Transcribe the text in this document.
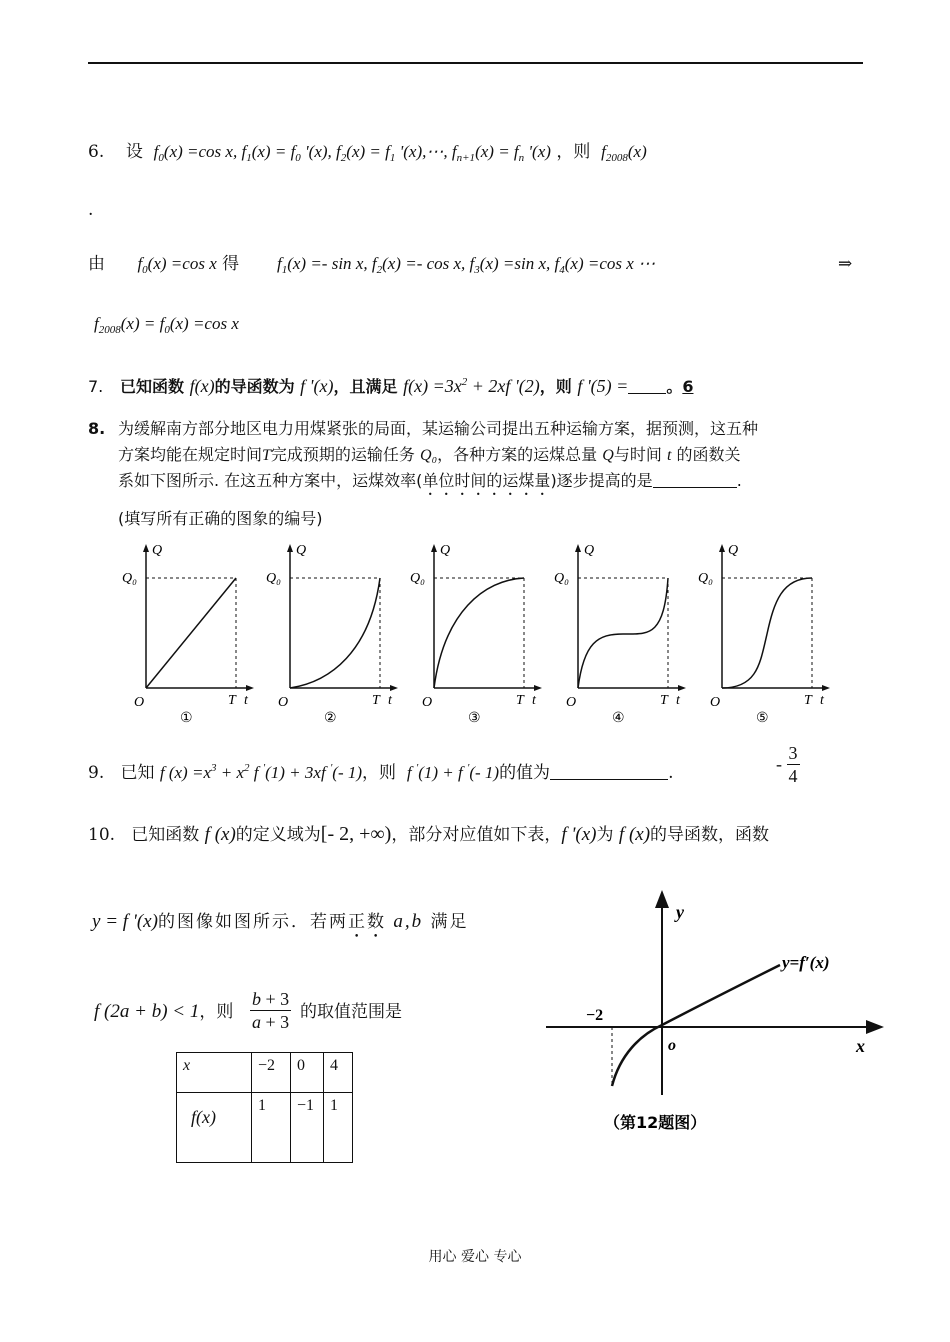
6. 设 $f_0(x) =\cos$ x, $f_1(x) = f_0$ '(x), $f_2(x) = f_1$ '(x),⋯, $f_{n+1}(x) = f_n$ '(x) ，则 $f_{2008}(x)$
.
由 $f_0(x) =\cos$ x 得 $f_1(x) =- \sin x$, $f_2(x) =- \cos x$, $f_3(x) =\sin$ x, $f_4(x) =\cos$ x ⋯	⇒
$f_{2008}(x) = f_0(x) =\cos$ x
7. 已知函数 f(x)的导函数为 f '(x)，且满足 $f(x) =3x^2 + 2xf$ '(2)，则 f '(5) = 。6
8. 为缓解南方部分地区电力用煤紧张的局面，某运输公司提出五种运输方案，据预测，这五种
方案均能在规定时间T完成预期的运输任务 Q₀，各种方案的运煤总量 Q与时间 t 的函数关
系如下图所示. 在这五种方案中，运煤效率(单位时间的运煤量)逐步提高的是	.
(填写所有正确的图象的编号)
Q
Q₀
O	T t
①
Q
Q₀
O	T t
②
Q
Q₀
O	T t
③
Q
Q₀
O	T t
④
Q
Q₀
O	T t
⑤
9. 已知 f $(x) =x^3 + x^2$ f '(1) + 3xf '(- 1)，则 f '(1) + f '(- 1)的值为	.	- $\frac{3}{4}$
10. 已知函数 f (x)的定义域为[- 2, +∞)，部分对应值如下表，f '(x)为 f (x)的导函数，函数
y = f '(x)的图像如图所示．若两正数 a,b 满足
f (2a + b) < 1，则 $\frac{b + 3}{a + 3}$ 的取值范围是
x	−2	0	4
f(x)	1	−1	1
y
x
y=f′(x)
−2
o
（第12题图）
用心 爱心 专心
